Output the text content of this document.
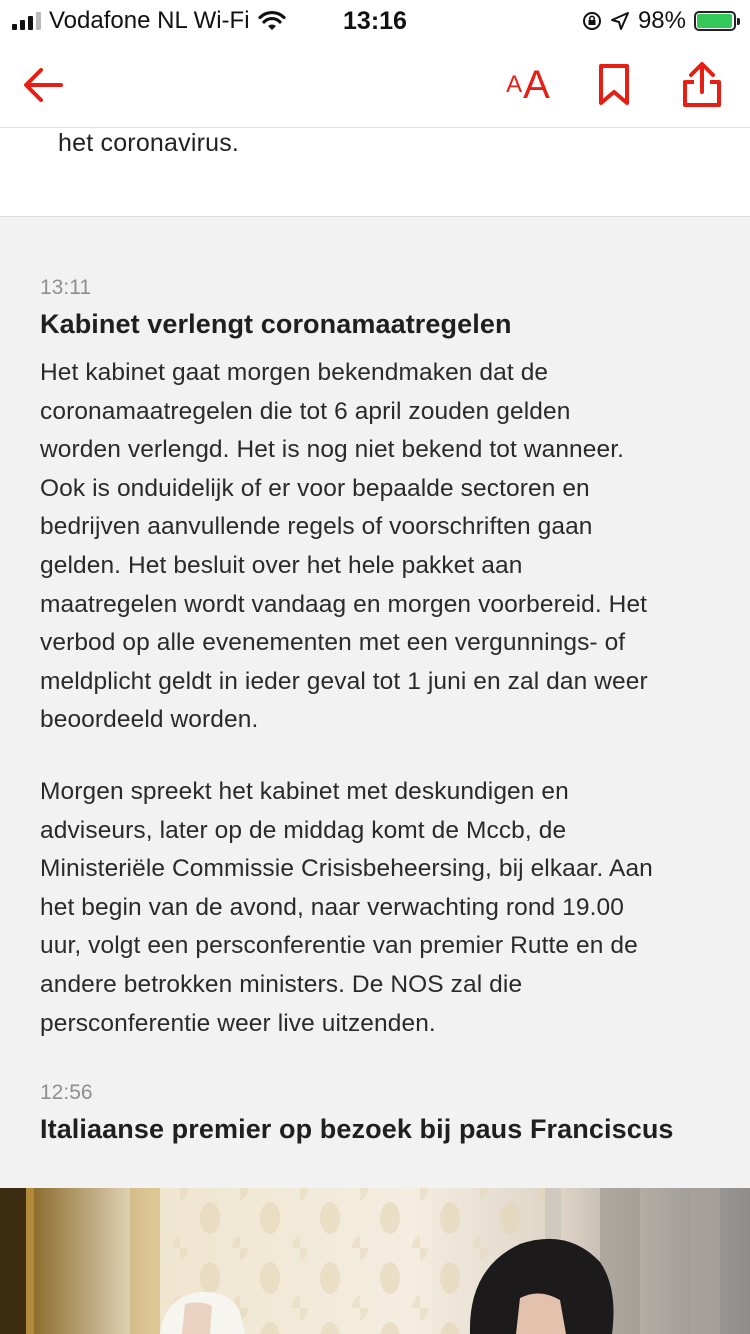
Vodafone NL Wi-Fi	13:16	98%
A A
het coronavirus.
13:11
Kabinet verlengt coronamaatregelen
Het kabinet gaat morgen bekendmaken dat de
coronamaatregelen die tot 6 april zouden gelden
worden verlengd. Het is nog niet bekend tot wanneer.
Ook is onduidelijk of er voor bepaalde sectoren en
bedrijven aanvullende regels of voorschriften gaan
gelden. Het besluit over het hele pakket aan
maatregelen wordt vandaag en morgen voorbereid. Het
verbod op alle evenementen met een vergunnings- of
meldplicht geldt in ieder geval tot 1 juni en zal dan weer
beoordeeld worden.
Morgen spreekt het kabinet met deskundigen en
adviseurs, later op de middag komt de Mccb, de
Ministeriële Commissie Crisisbeheersing, bij elkaar. Aan
het begin van de avond, naar verwachting rond 19.00
uur, volgt een persconferentie van premier Rutte en de
andere betrokken ministers. De NOS zal die
persconferentie weer live uitzenden.
12:56
Italiaanse premier op bezoek bij paus Franciscus
